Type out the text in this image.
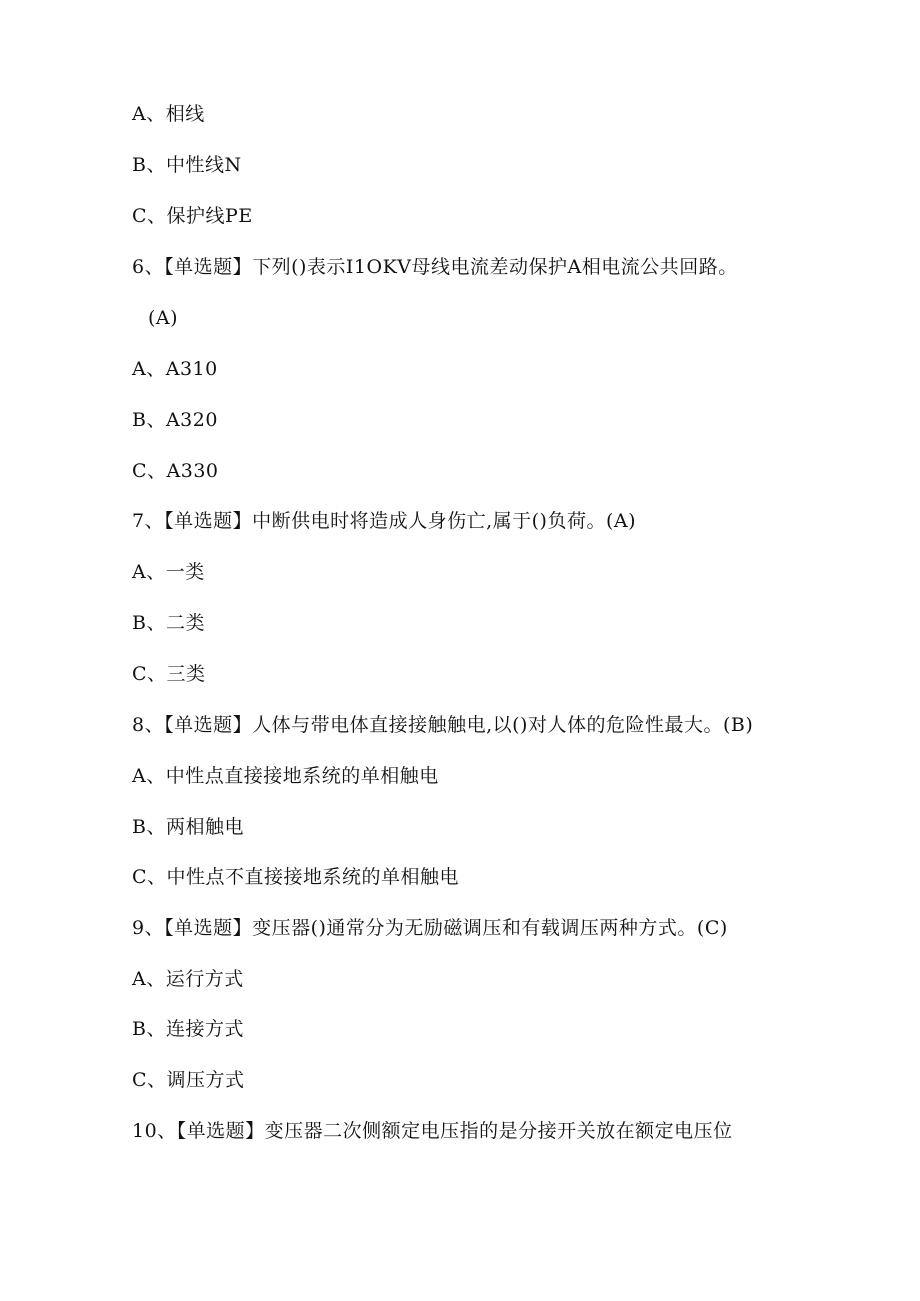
A、相线
B、中性线N
C、保护线PE
6、【单选题】下列()表示I1OKV母线电流差动保护A相电流公共回路。
(A)
A、A310
B、A320
C、A330
7、【单选题】中断供电时将造成人身伤亡,属于()负荷。(A)
A、一类
B、二类
C、三类
8、【单选题】人体与带电体直接接触触电,以()对人体的危险性最大。(B)
A、中性点直接接地系统的单相触电
B、两相触电
C、中性点不直接接地系统的单相触电
9、【单选题】变压器()通常分为无励磁调压和有载调压两种方式。(C)
A、运行方式
B、连接方式
C、调压方式
10、【单选题】变压器二次侧额定电压指的是分接开关放在额定电压位
